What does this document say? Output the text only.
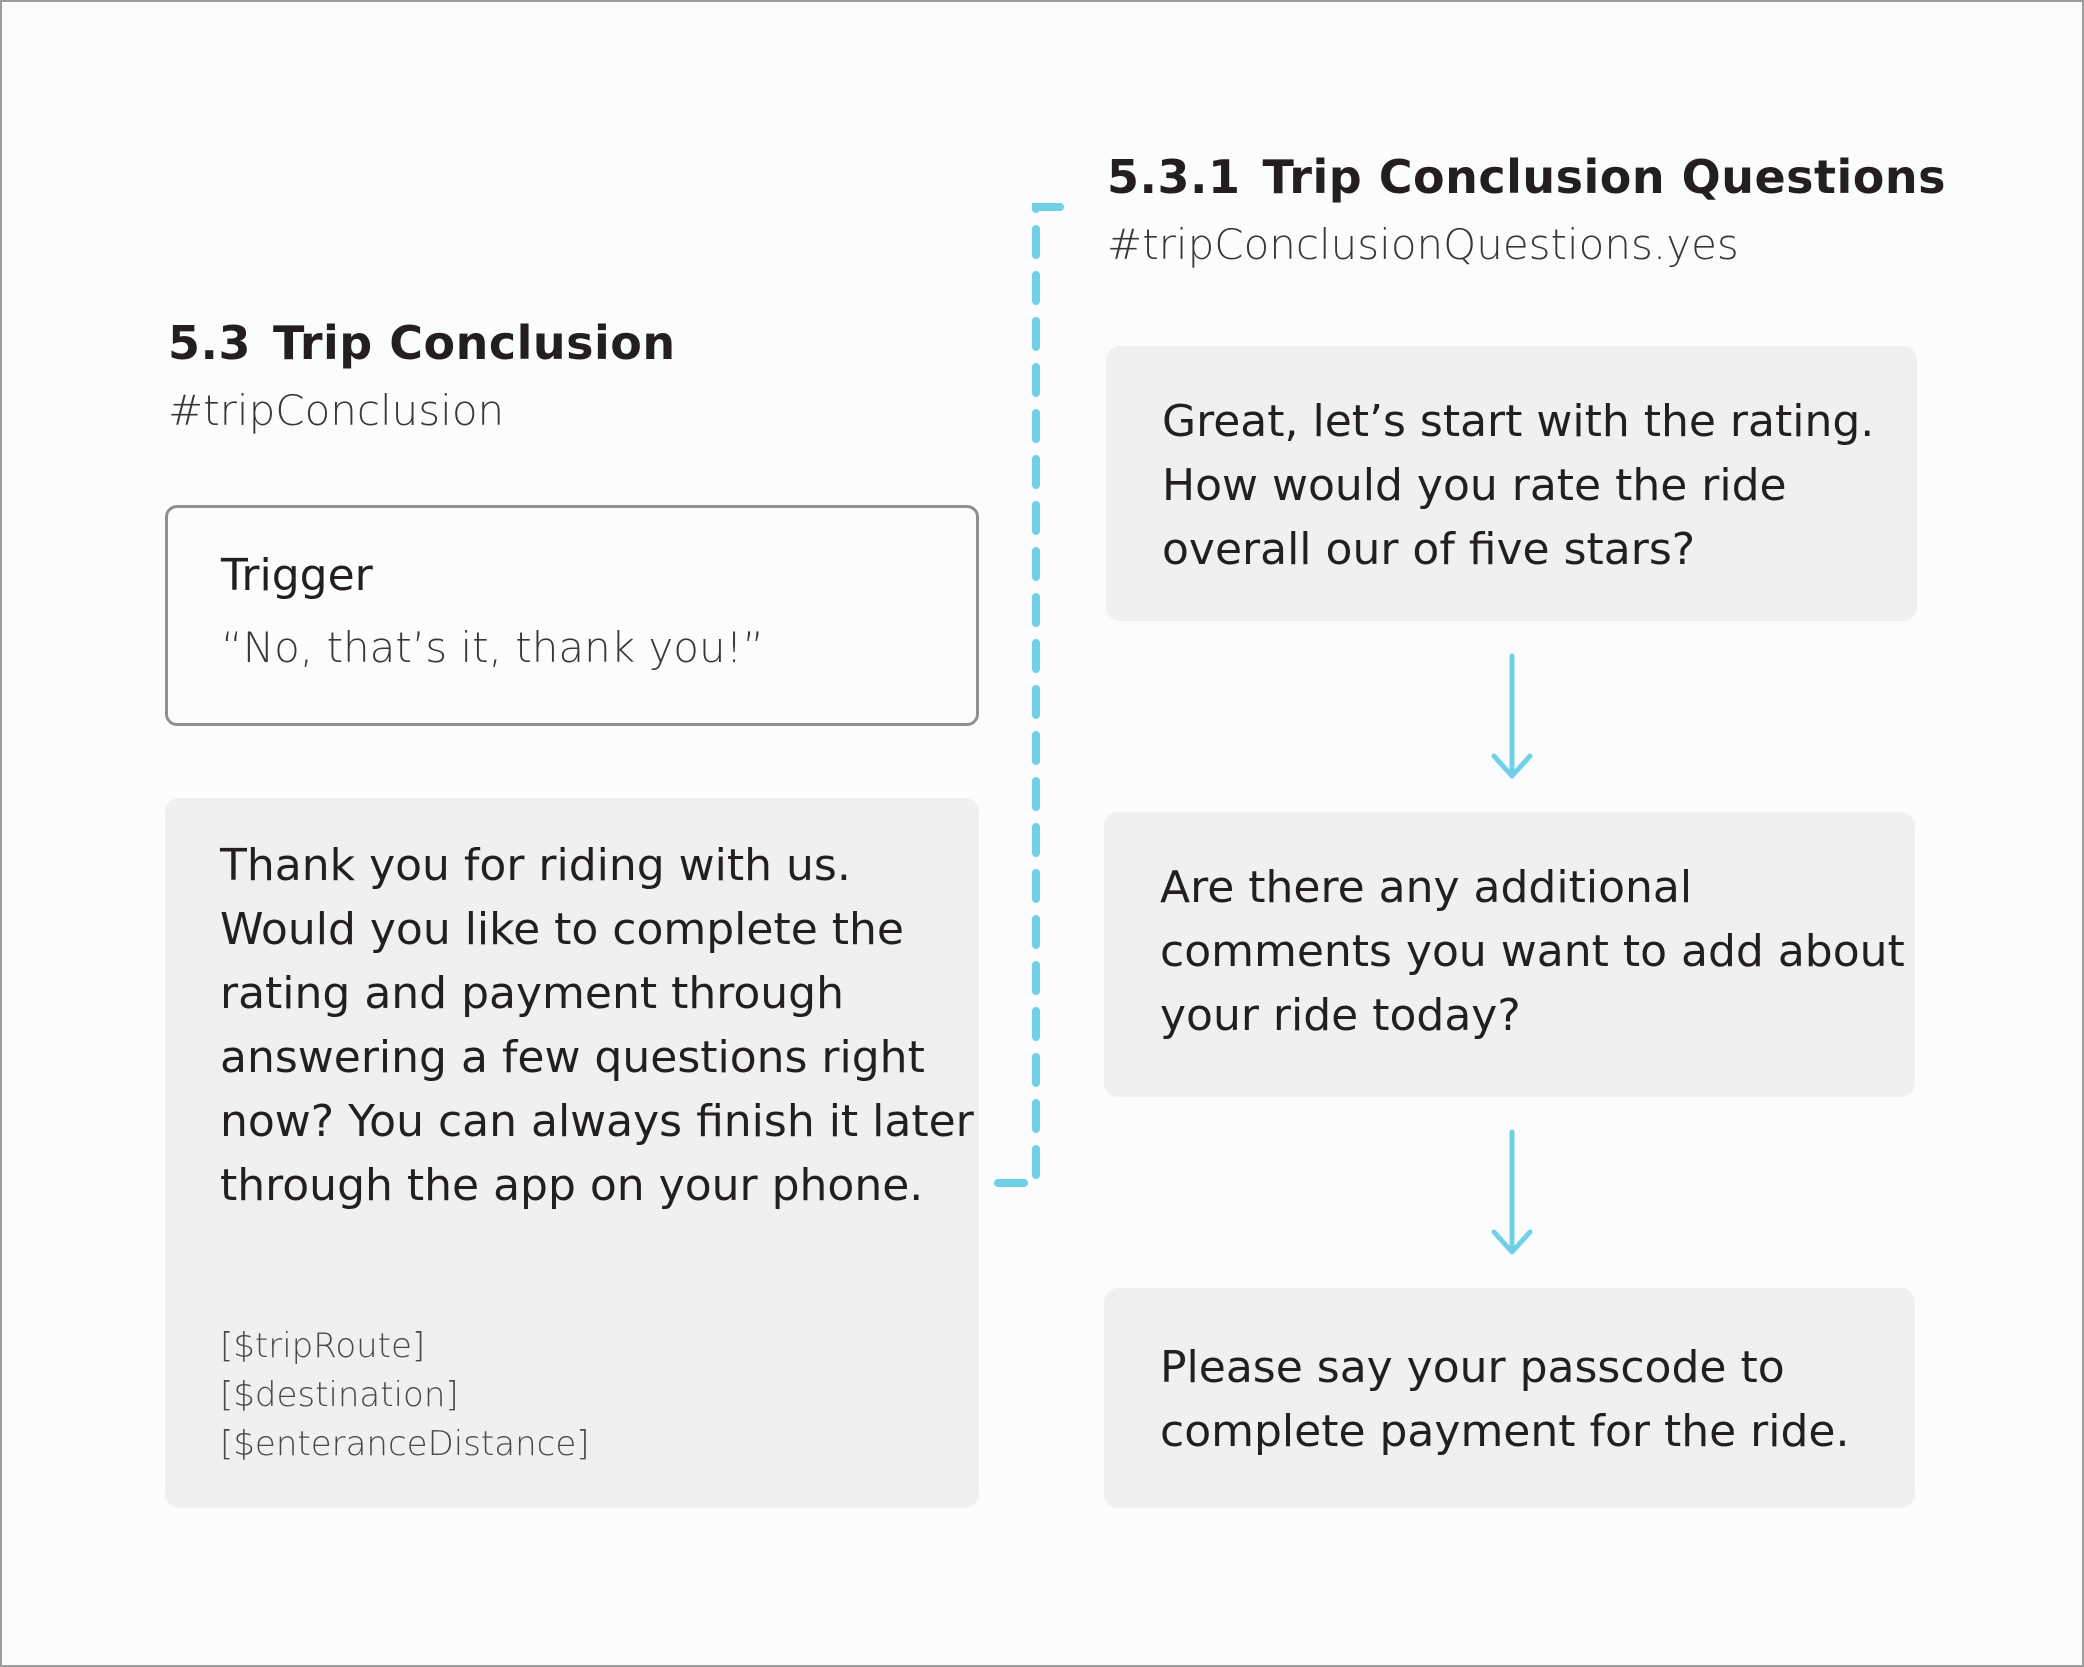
5.3 Trip Conclusion
#tripConclusion
Trigger
“No, that’s it, thank you!”
Thank you for riding with us.
Would you like to complete the
rating and payment through
answering a few questions right
now? You can always finish it later
through the app on your phone.
[$tripRoute]
[$destination]
[$enteranceDistance]
5.3.1 Trip Conclusion Questions
#tripConclusionQuestions.yes
Great, let’s start with the rating.
How would you rate the ride
overall our of five stars?
Are there any additional
comments you want to add about
your ride today?
Please say your passcode to
complete payment for the ride.
